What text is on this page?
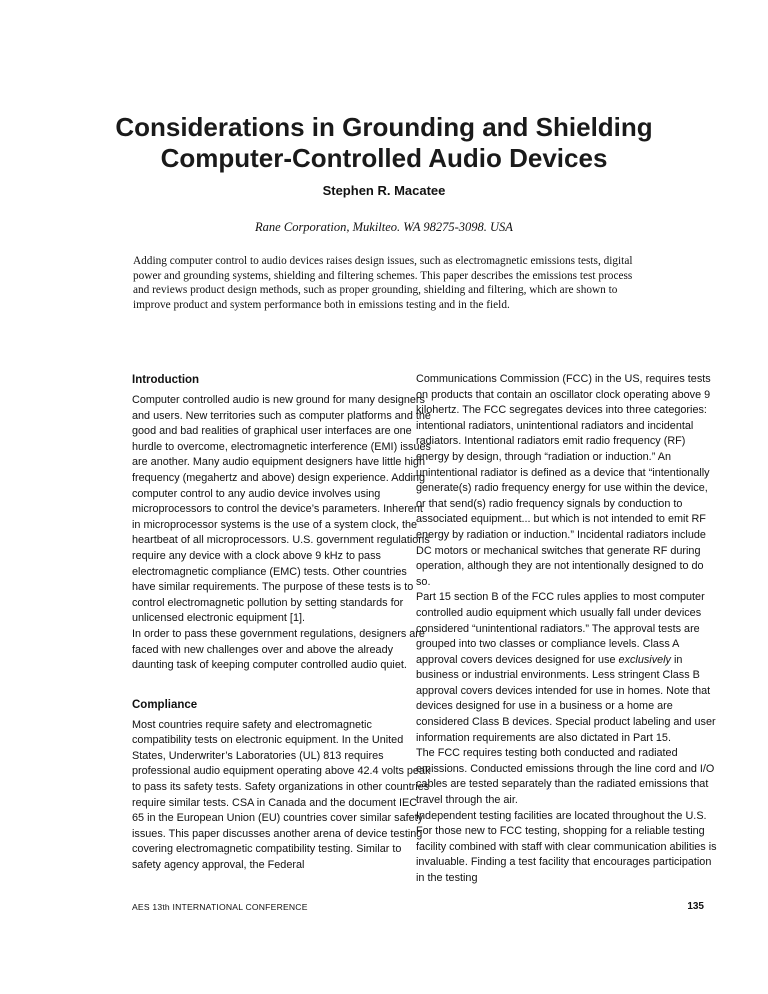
Considerations in Grounding and Shielding
Computer-Controlled Audio Devices
Stephen R. Macatee
Rane Corporation, Mukilteo. WA 98275-3098. USA

Adding computer control to audio devices raises design issues, such as electromagnetic emissions tests, digital power and grounding systems, shielding and filtering schemes. This paper describes the emissions test process and reviews product design methods, such as proper grounding, shielding and filtering, which are shown to improve product and system performance both in emissions testing and in the field.

Introduction

Computer controlled audio is new ground for many designers and users. New territories such as computer platforms and the good and bad realities of graphical user interfaces are one hurdle to overcome, electromagnetic interference (EMI) issues are another. Many audio equipment designers have little high frequency (megahertz and above) design experience. Adding computer control to any audio device involves using microprocessors to control the device’s parameters. Inherent in microprocessor systems is the use of a system clock, the heartbeat of all microprocessors. U.S. government regulations require any device with a clock above 9 kHz to pass electromagnetic compliance (EMC) tests. Other countries have similar requirements. The purpose of these tests is to control electromagnetic pollution by setting standards for unlicensed electronic equipment [1].

In order to pass these government regulations, designers are faced with new challenges over and above the already daunting task of keeping computer controlled audio quiet.

Compliance

Most countries require safety and electromagnetic compatibility tests on electronic equipment. In the United States, Underwriter’s Laboratories (UL) 813 requires professional audio equipment operating above 42.4 volts peak to pass its safety tests. Safety organizations in other countries require similar tests. CSA in Canada and the document IEC 65 in the European Union (EU) countries cover similar safety issues. This paper discusses another arena of device testing covering electromagnetic compatibility testing. Similar to safety agency approval, the Federal

Communications Commission (FCC) in the US, requires tests on products that contain an oscillator clock operating above 9 kilohertz. The FCC segregates devices into three categories: intentional radiators, unintentional radiators and incidental radiators. Intentional radiators emit radio frequency (RF) energy by design, through “radiation or induction.” An unintentional radiator is defined as a device that “intentionally generate(s) radio frequency energy for use within the device, or that send(s) radio frequency signals by conduction to associated equipment... but which is not intended to emit RF energy by radiation or induction.” Incidental radiators include DC motors or mechanical switches that generate RF during operation, although they are not intentionally designed to do so.

Part 15 section B of the FCC rules applies to most computer controlled audio equipment which usually fall under devices considered “unintentional radiators.” The approval tests are grouped into two classes or compliance levels. Class A approval covers devices designed for use exclusively in business or industrial environments. Less stringent Class B approval covers devices intended for use in homes. Note that devices designed for use in a business or a home are considered Class B devices. Special product labeling and user information requirements are also dictated in Part 15.

The FCC requires testing both conducted and radiated emissions. Conducted emissions through the line cord and I/O cables are tested separately than the radiated emissions that travel through the air.

Independent testing facilities are located throughout the U.S. For those new to FCC testing, shopping for a reliable testing facility combined with staff with clear communication abilities is invaluable. Finding a test facility that encourages participation in the testing

AES 13th INTERNATIONAL CONFERENCE	135
